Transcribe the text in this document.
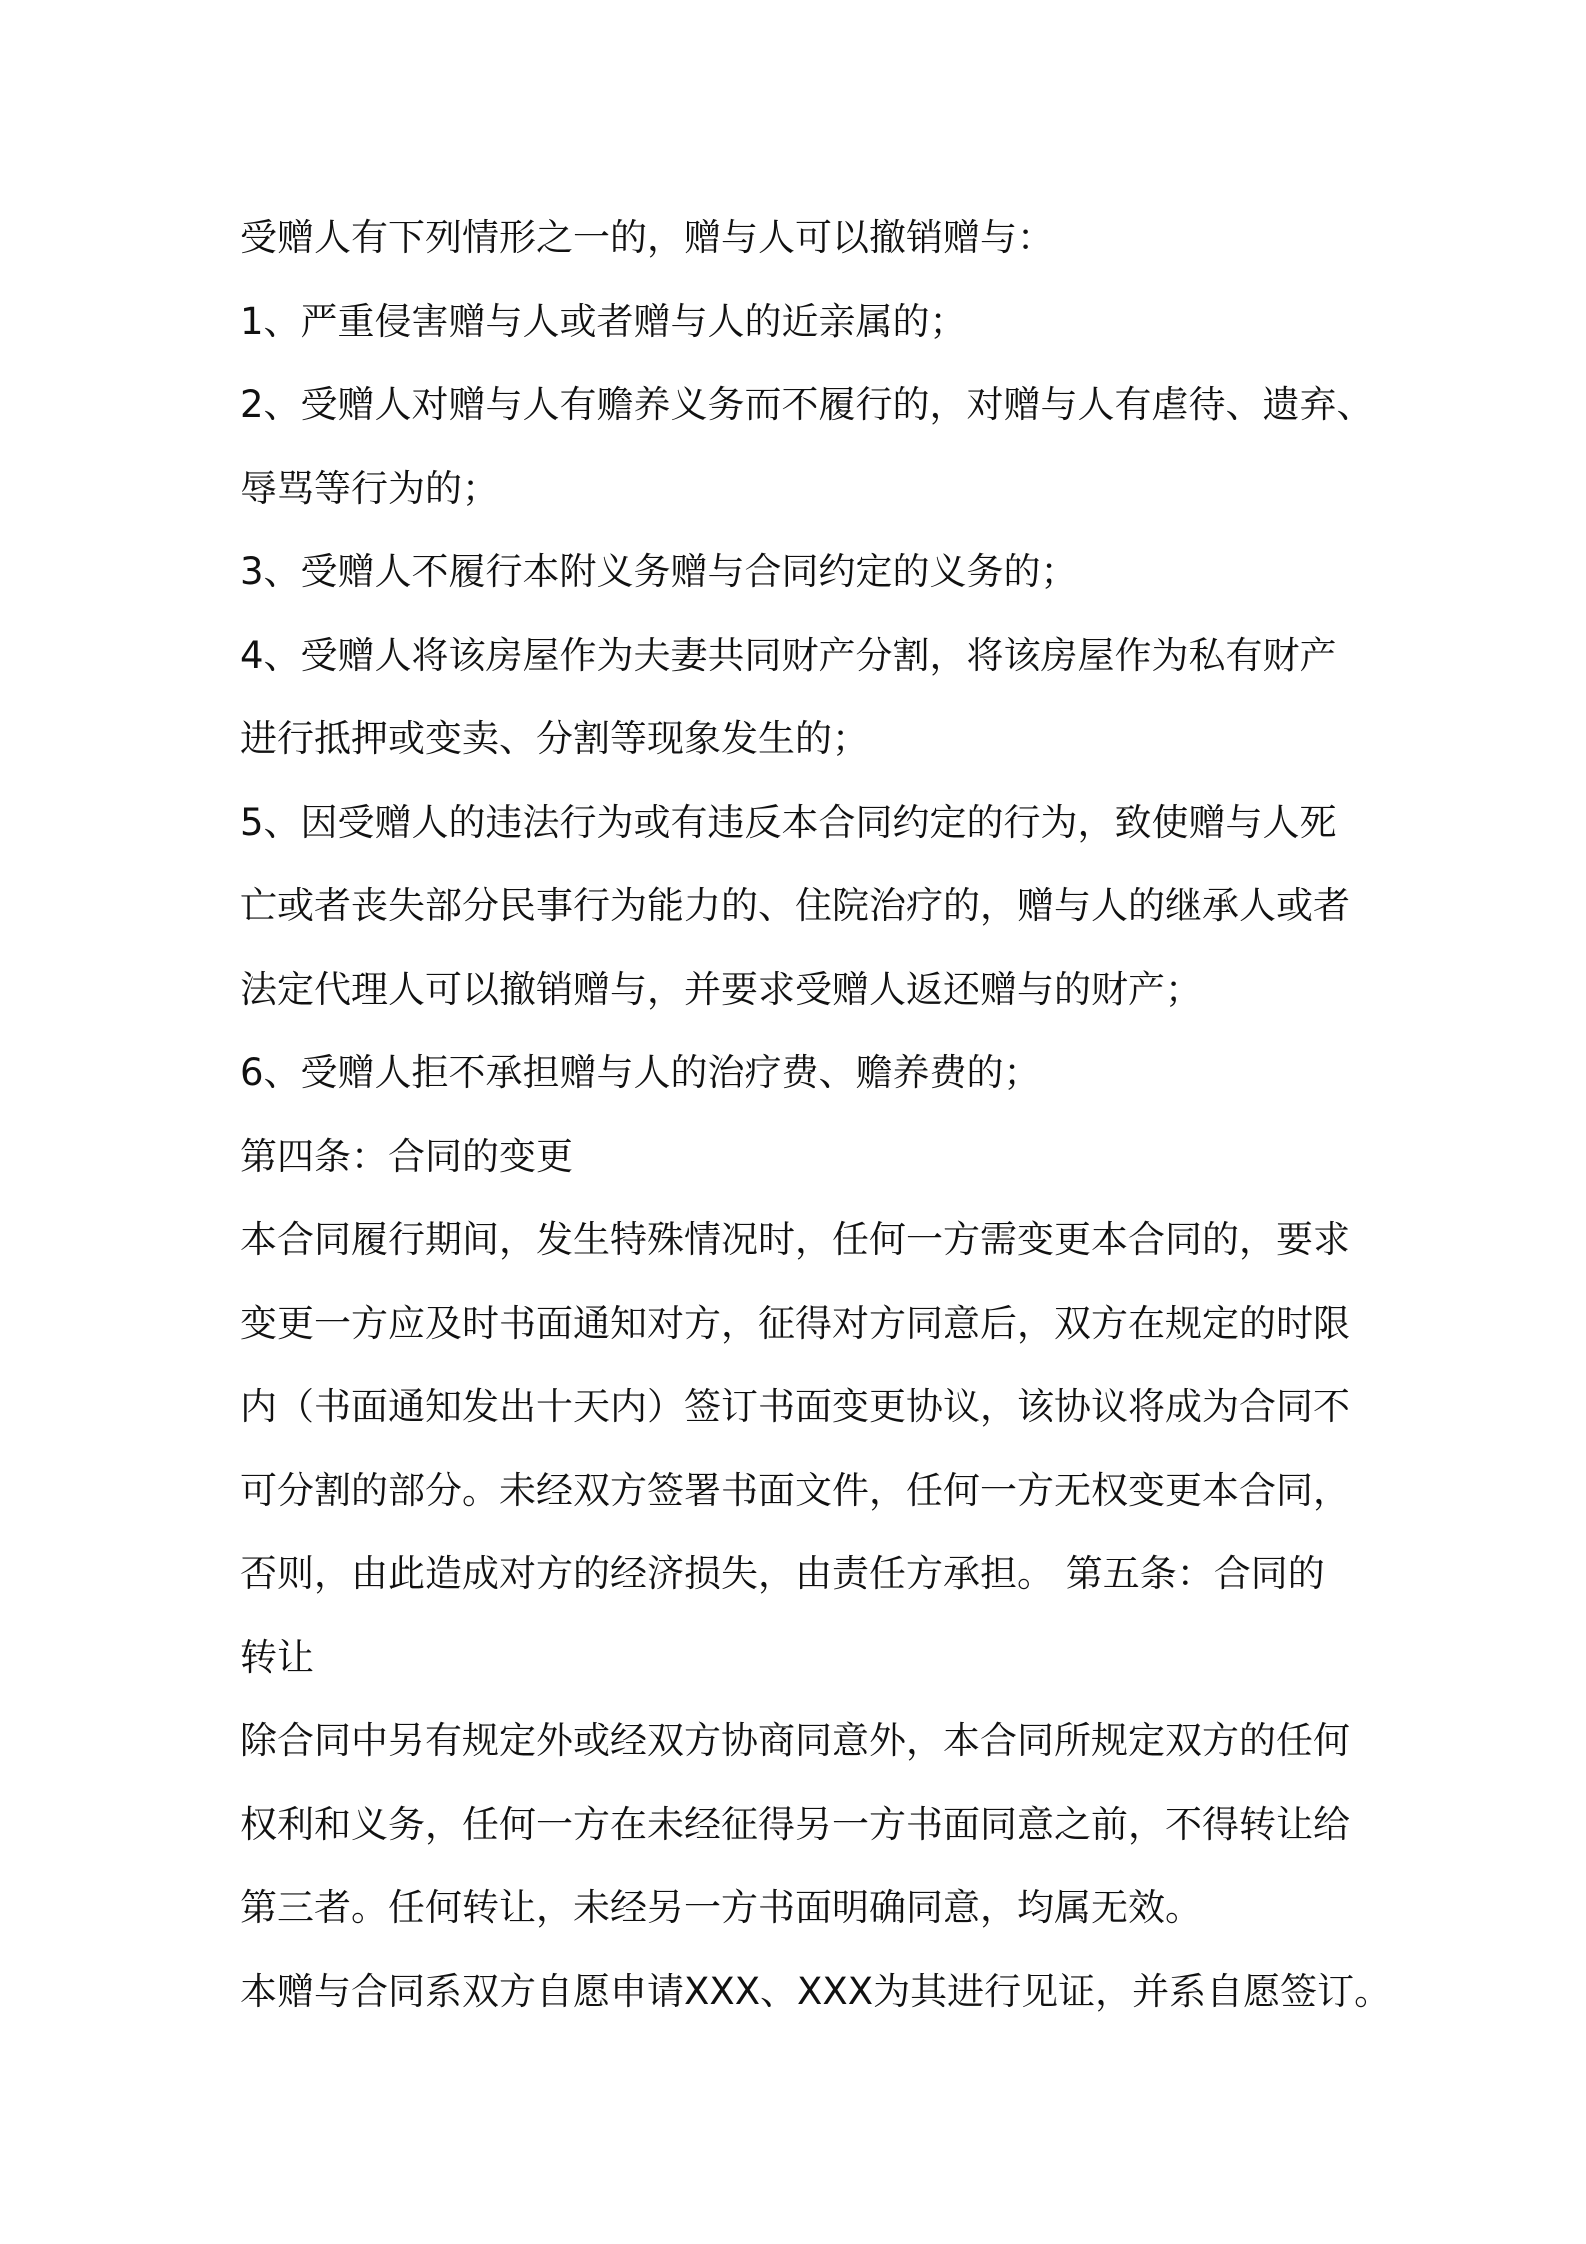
受赠人有下列情形之一的，赠与人可以撤销赠与：
1、严重侵害赠与人或者赠与人的近亲属的；
2、受赠人对赠与人有赡养义务而不履行的，对赠与人有虐待、遗弃、
辱骂等行为的；
3、受赠人不履行本附义务赠与合同约定的义务的；
4、受赠人将该房屋作为夫妻共同财产分割，将该房屋作为私有财产
进行抵押或变卖、分割等现象发生的；
5、因受赠人的违法行为或有违反本合同约定的行为，致使赠与人死
亡或者丧失部分民事行为能力的、住院治疗的，赠与人的继承人或者
法定代理人可以撤销赠与，并要求受赠人返还赠与的财产；
6、受赠人拒不承担赠与人的治疗费、赡养费的；
第四条：合同的变更
本合同履行期间，发生特殊情况时，任何一方需变更本合同的，要求
变更一方应及时书面通知对方，征得对方同意后，双方在规定的时限
内（书面通知发出十天内）签订书面变更协议，该协议将成为合同不
可分割的部分。未经双方签署书面文件，任何一方无权变更本合同，
否则，由此造成对方的经济损失，由责任方承担。 第五条：合同的
转让
除合同中另有规定外或经双方协商同意外，本合同所规定双方的任何
权利和义务，任何一方在未经征得另一方书面同意之前，不得转让给
第三者。任何转让，未经另一方书面明确同意，均属无效。
本赠与合同系双方自愿申请XXX、XXX为其进行见证，并系自愿签订。
